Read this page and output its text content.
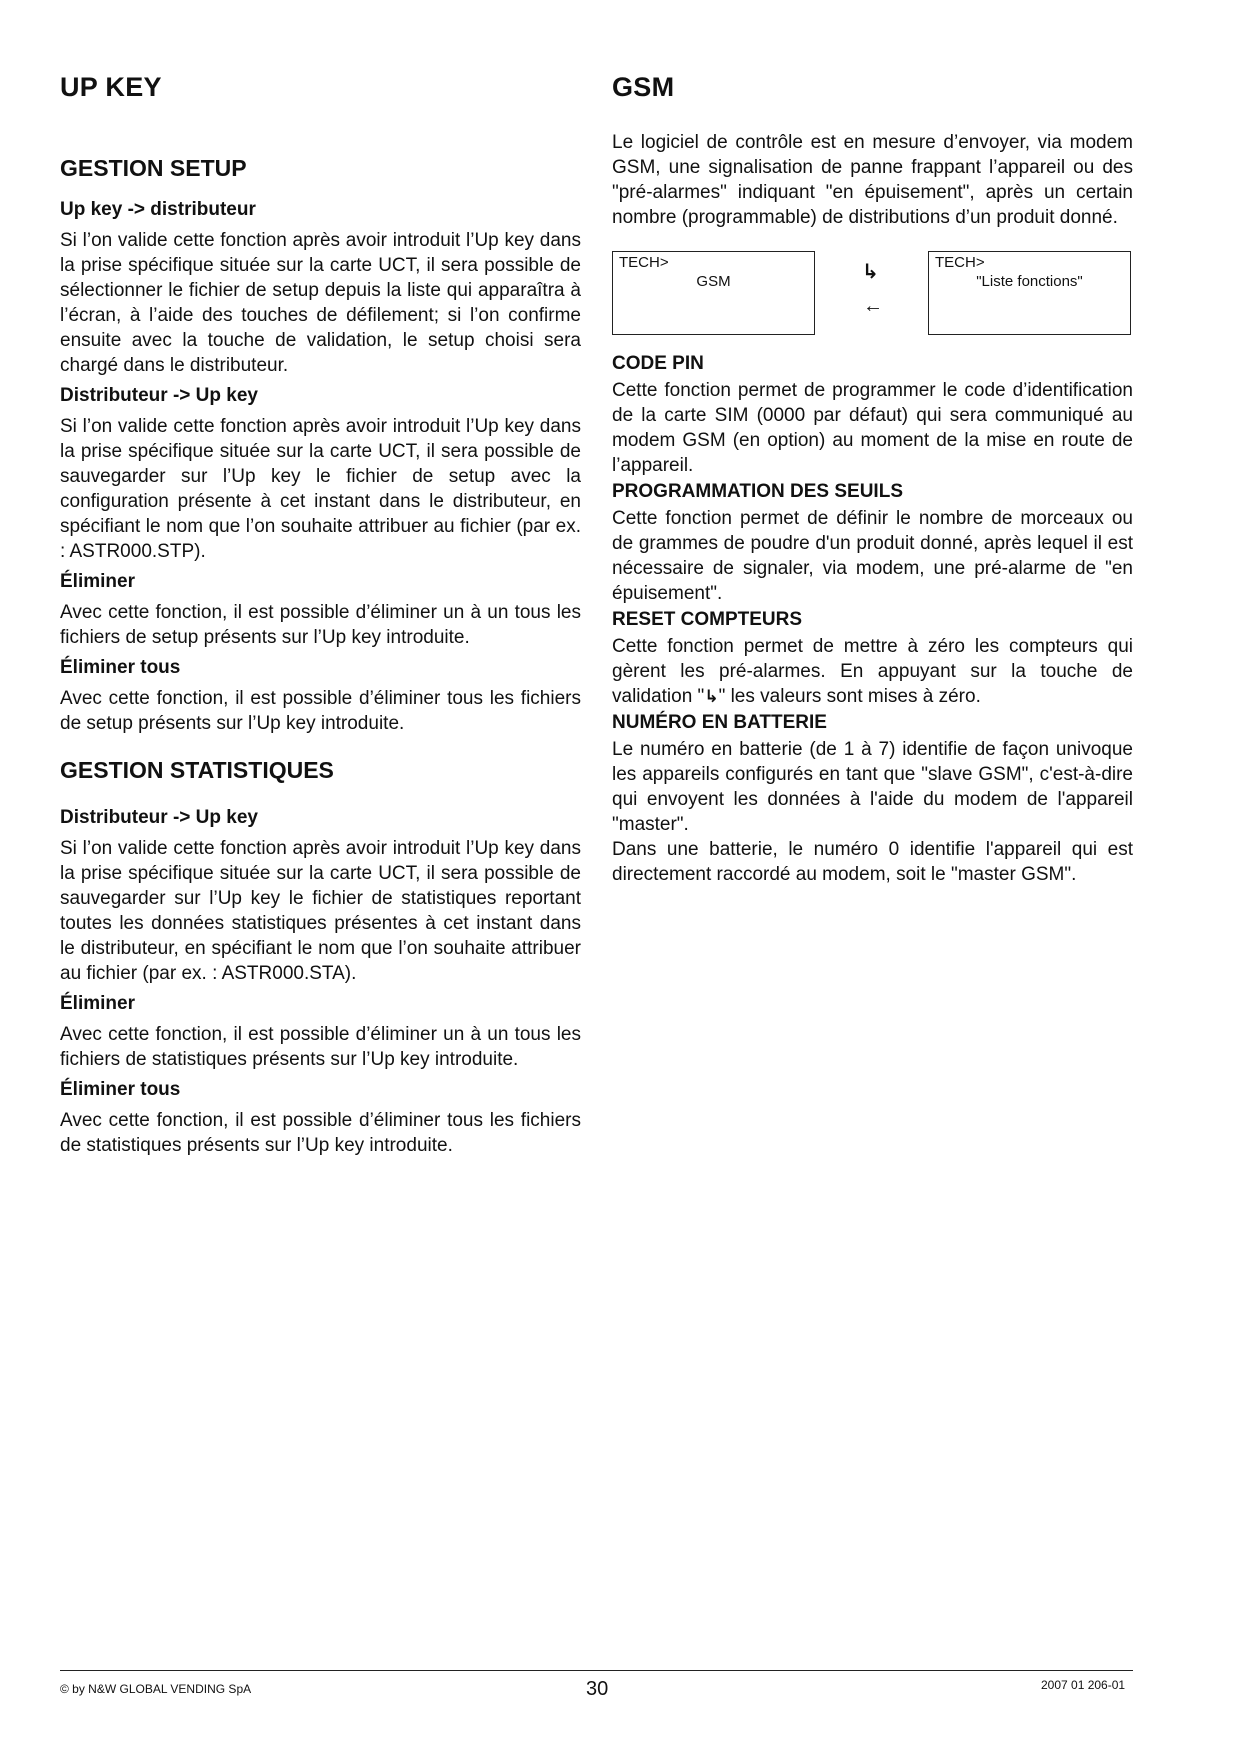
UP KEY
GESTION SETUP
Up key -> distributeur

Si l’on valide cette fonction après avoir introduit l’Up key dans la prise spécifique située sur la carte UCT, il sera possible de sélectionner le fichier de setup depuis la liste qui apparaîtra à l’écran, à l’aide des touches de défilement; si l’on confirme ensuite avec la touche de validation, le setup choisi sera chargé dans le distributeur.

Distributeur -> Up key

Si l’on valide cette fonction après avoir introduit l’Up key dans la prise spécifique située sur la carte UCT, il sera possible de sauvegarder sur l’Up key le fichier de setup avec la configuration présente à cet instant dans le distributeur, en spécifiant le nom que l’on souhaite attribuer au fichier (par ex. : ASTR000.STP).

Éliminer

Avec cette fonction, il est possible d’éliminer un à un tous les fichiers de setup présents sur l’Up key introduite.

Éliminer tous

Avec cette fonction, il est possible d’éliminer tous les fichiers de setup présents sur l’Up key introduite.

GESTION STATISTIQUES
Distributeur -> Up key

Si l’on valide cette fonction après avoir introduit l’Up key dans la prise spécifique située sur la carte UCT, il sera possible de sauvegarder sur l’Up key le fichier de statistiques reportant toutes les données statistiques présentes à cet instant dans le distributeur, en spécifiant le nom que l’on souhaite attribuer au fichier (par ex. : ASTR000.STA).

Éliminer

Avec cette fonction, il est possible d’éliminer un à un tous les fichiers de statistiques présents sur l’Up key introduite.

Éliminer tous

Avec cette fonction, il est possible d’éliminer tous les fichiers de statistiques présents sur l’Up key introduite.

GSM

Le logiciel de contrôle est en mesure d’envoyer, via modem GSM, une signalisation de panne frappant l’appareil ou des "pré-alarmes" indiquant "en épuisement", après un certain nombre (programmable) de distributions d’un produit donné.

TECH>
GSM	↳
←
TECH>
"Liste fonctions"
CODE PIN

Cette fonction permet de programmer le code d’identification de la carte SIM (0000 par défaut) qui sera communiqué au modem GSM (en option) au moment de la mise en route de l’appareil.

PROGRAMMATION DES SEUILS

Cette fonction permet de définir le nombre de morceaux ou de grammes de poudre d'un produit donné, après lequel il est nécessaire de signaler, via modem, une pré-alarme de "en épuisement".

RESET COMPTEURS

Cette fonction permet de mettre à zéro les compteurs qui gèrent les pré-alarmes. En appuyant sur la touche de validation "↳" les valeurs sont mises à zéro.

NUMÉRO EN BATTERIE

Le numéro en batterie (de 1 à 7) identifie de façon univoque les appareils configurés en tant que "slave GSM", c'est-à-dire qui envoyent les données à l'aide du modem de l'appareil "master".

Dans une batterie, le numéro 0 identifie l'appareil qui est directement raccordé au modem, soit le "master GSM".

© by N&W GLOBAL VENDING SpA	30	2007 01 206-01
